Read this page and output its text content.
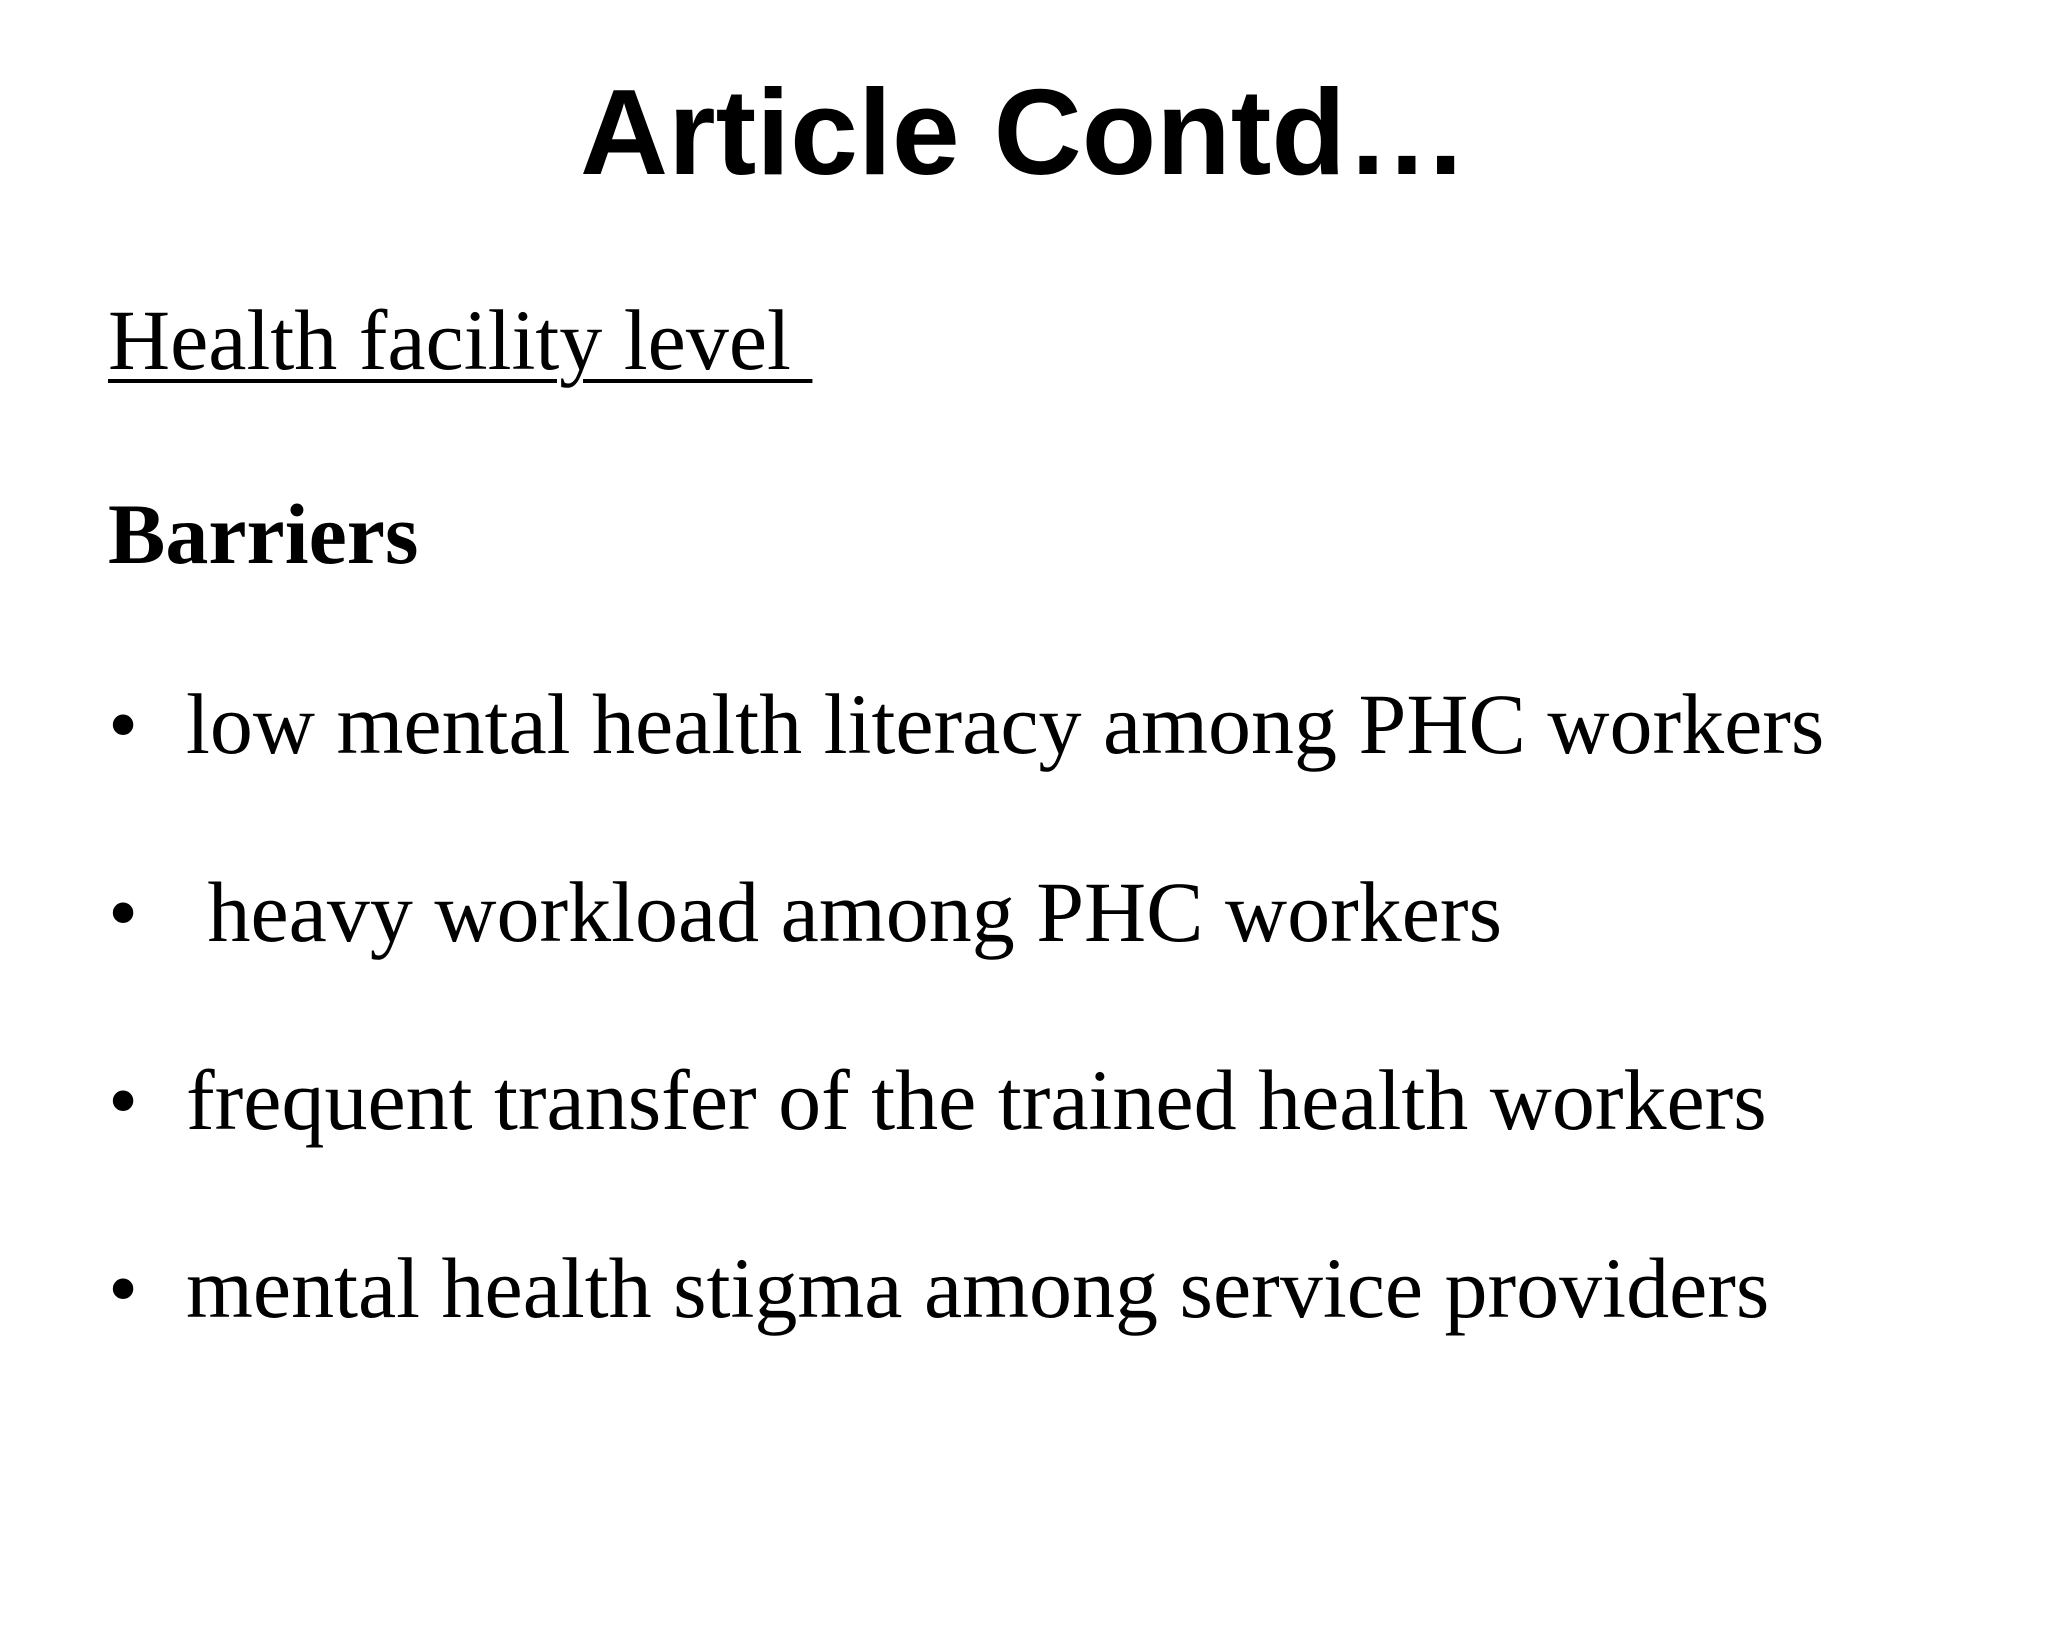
Article Contd…
Health facility level
Barriers

•

low mental health literacy among PHC workers

•

heavy workload among PHC workers

•

frequent transfer of the trained health workers

•

mental health stigma among service providers
